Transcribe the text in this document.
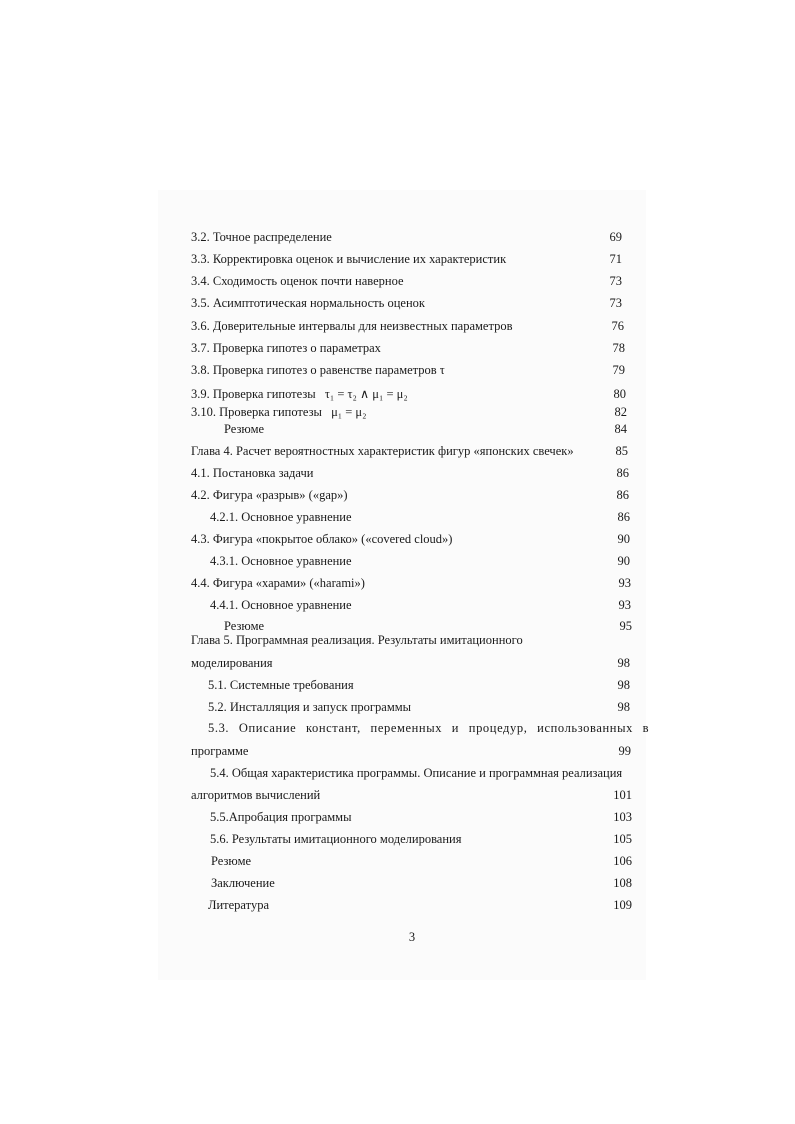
3.2. Точное распределение	69
3.3. Корректировка оценок и вычисление их характеристик	71
3.4. Сходимость оценок почти наверное	73
3.5. Асимптотическая нормальность оценок	73
3.6. Доверительные интервалы для неизвестных параметров	76
3.7. Проверка гипотез о параметрах	78
3.8. Проверка гипотез о равенстве параметров τ	79
3.9. Проверка гипотезы τ₁ = τ₂ ∧ μ₁ = μ₂	80
3.10. Проверка гипотезы μ₁ = μ₂	82
Резюме	84
Глава 4. Расчет вероятностных характеристик фигур «японских свечек»	85
4.1. Постановка задачи	86
4.2. Фигура «разрыв» («gap»)	86
4.2.1. Основное уравнение	86
4.3. Фигура «покрытое облако» («covered cloud»)	90
4.3.1. Основное уравнение	90
4.4. Фигура «харами» («harami»)	93
4.4.1. Основное уравнение	93
Резюме	95
Глава 5. Программная реализация. Результаты имитационного
моделирования	98
5.1. Системные требования	98
5.2. Инсталляция и запуск программы	98
5.3. Описание констант, переменных и процедур, использованных в
программе	99
5.4. Общая характеристика программы. Описание и программная реализация
алгоритмов вычислений	101
5.5.Апробация программы	103
5.6. Результаты имитационного моделирования	105
Резюме	106
Заключение	108
Литература	109
3
